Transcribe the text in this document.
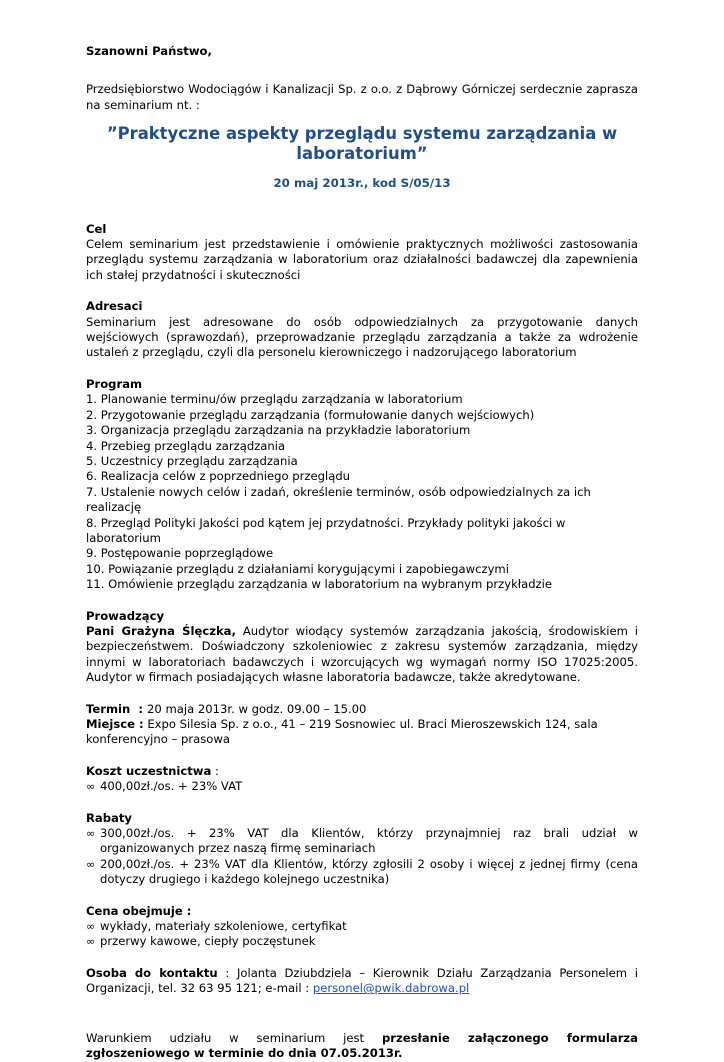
Szanowni Państwo,

Przedsiębiorstwo Wodociągów i Kanalizacji Sp. z o.o. z Dąbrowy Górniczej serdecznie zaprasza na seminarium nt. :

”Praktyczne aspekty przeglądu systemu zarządzania w laboratorium”

20 maj 2013r., kod S/05/13

Cel

Celem seminarium jest przedstawienie i omówienie praktycznych możliwości zastosowania przeglądu systemu zarządzania w laboratorium oraz działalności badawczej dla zapewnienia ich stałej przydatności i skuteczności

Adresaci

Seminarium jest adresowane do osób odpowiedzialnych za przygotowanie danych wejściowych (sprawozdań), przeprowadzanie przeglądu zarządzania a także za wdrożenie ustaleń z przeglądu, czyli dla personelu kierowniczego i nadzorującego laboratorium

Program

1. Planowanie terminu/ów przeglądu zarządzania w laboratorium
2. Przygotowanie przeglądu zarządzania (formułowanie danych wejściowych)
3. Organizacja przeglądu zarządzania na przykładzie laboratorium
4. Przebieg przeglądu zarządzania
5. Uczestnicy przeglądu zarządzania
6. Realizacja celów z poprzedniego przeglądu
7. Ustalenie nowych celów i zadań, określenie terminów, osób odpowiedzialnych za ich realizację
8. Przegląd Polityki Jakości pod kątem jej przydatności. Przykłady polityki jakości w laboratorium
9. Postępowanie poprzeglądowe
10. Powiązanie przeglądu z działaniami korygującymi i zapobiegawczymi
11. Omówienie przeglądu zarządzania w laboratorium na wybranym przykładzie

Prowadzący

Pani Grażyna Ślęczka, Audytor wiodący systemów zarządzania jakością, środowiskiem i bezpieczeństwem. Doświadczony szkoleniowiec z zakresu systemów zarządzania, między innymi w laboratoriach badawczych i wzorcujących wg wymagań normy ISO 17025:2005. Audytor w firmach posiadających własne laboratoria badawcze, także akredytowane.

Termin  : 20 maja 2013r. w godz. 09.00 – 15.00

Miejsce : Expo Silesia Sp. z o.o., 41 – 219 Sosnowiec ul. Braci Mieroszewskich 124, sala konferencyjno – prasowa

Koszt uczestnictwa :

∞ 400,00zł./os. + 23% VAT

Rabaty

∞ 300,00zł./os. + 23% VAT dla Klientów, którzy przynajmniej raz brali udział w organizowanych przez naszą firmę seminariach
∞ 200,00zł./os. + 23% VAT dla Klientów, którzy zgłosili 2 osoby i więcej z jednej firmy (cena dotyczy drugiego i każdego kolejnego uczestnika)

Cena obejmuje :

∞ wykłady, materiały szkoleniowe, certyfikat
∞ przerwy kawowe, ciepły poczęstunek

Osoba do kontaktu : Jolanta Dziubdziela – Kierownik Działu Zarządzania Personelem i Organizacji, tel. 32 63 95 121; e-mail : personel@pwik.dabrowa.pl

Warunkiem udziału w seminarium jest przesłanie załączonego formularza zgłoszeniowego w terminie do dnia 07.05.2013r.
